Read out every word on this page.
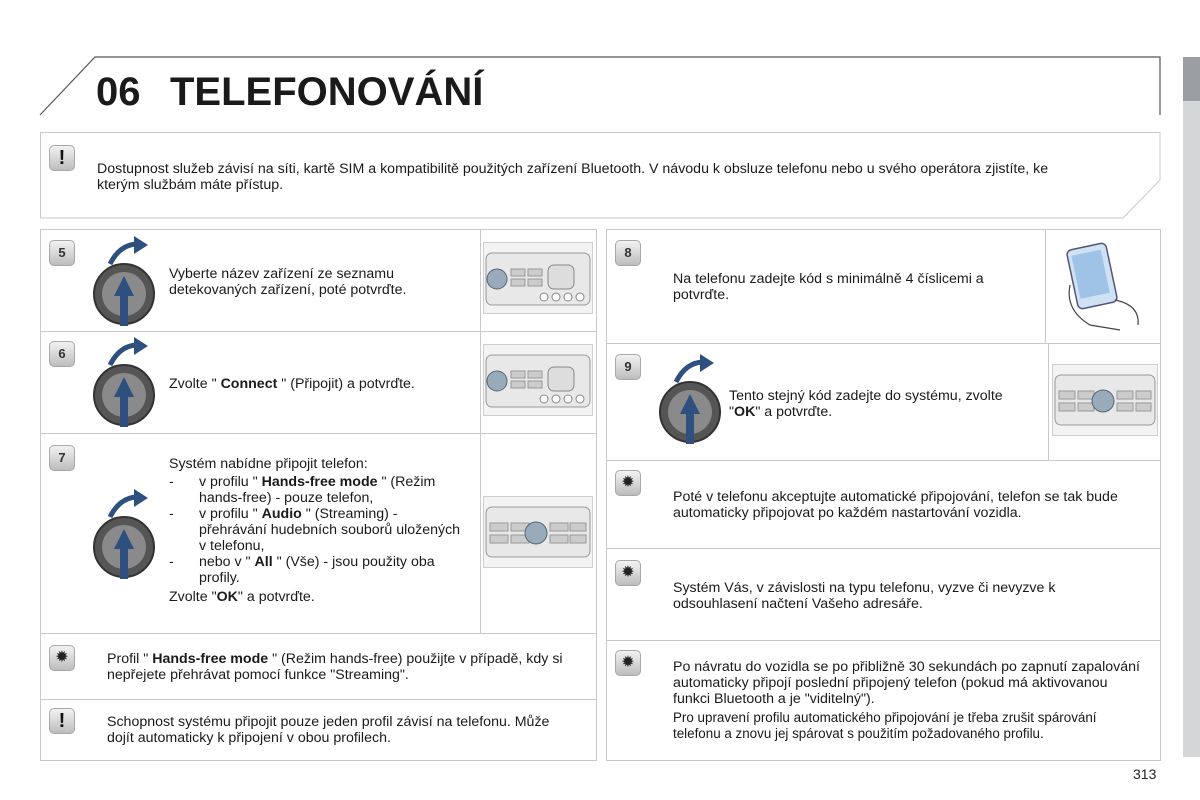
06 TELEFONOVÁNÍ
!	Dostupnost služeb závisí na síti, kartě SIM a kompatibilitě použitých zařízení Bluetooth. V návodu k obsluze telefonu nebo u svého operátora zjistíte, ke kterým službám máte přístup.
5
Vyberte název zařízení ze seznamu detekovaných zařízení, poté potvrďte.
6
Zvolte " Connect " (Připojit) a potvrďte.
7	Systém nabídne připojit telefon:

- v profilu " Hands-free mode " (Režim hands-free) - pouze telefon,
- v profilu " Audio " (Streaming) - přehrávání hudebních souborů uložených v telefonu,
- nebo v " All " (Vše) - jsou použity oba profily.

Zvolte "OK" a potvrďte.

✹	Profil " Hands-free mode " (Režim hands-free) použijte v případě, kdy si nepřejete přehrávat pomocí funkce "Streaming".
!	Schopnost systému připojit pouze jeden profil závisí na telefonu. Může dojít automaticky k připojení v obou profilech.
8
Na telefonu zadejte kód s minimálně 4 číslicemi a potvrďte.
9
Tento stejný kód zadejte do systému, zvolte "OK" a potvrďte.
✹
Poté v telefonu akceptujte automatické připojování, telefon se tak bude automaticky připojovat po každém nastartování vozidla.
✹
Systém Vás, v závislosti na typu telefonu, vyzve či nevyzve k odsouhlasení načtení Vašeho adresáře.
✹	Po návratu do vozidla se po přibližně 30 sekundách po zapnutí zapalování automaticky připojí poslední připojený telefon (pokud má aktivovanou funkci Bluetooth a je "viditelný").

Pro upravení profilu automatického připojování je třeba zrušit spárování telefonu a znovu jej spárovat s použitím požadovaného profilu.

313
